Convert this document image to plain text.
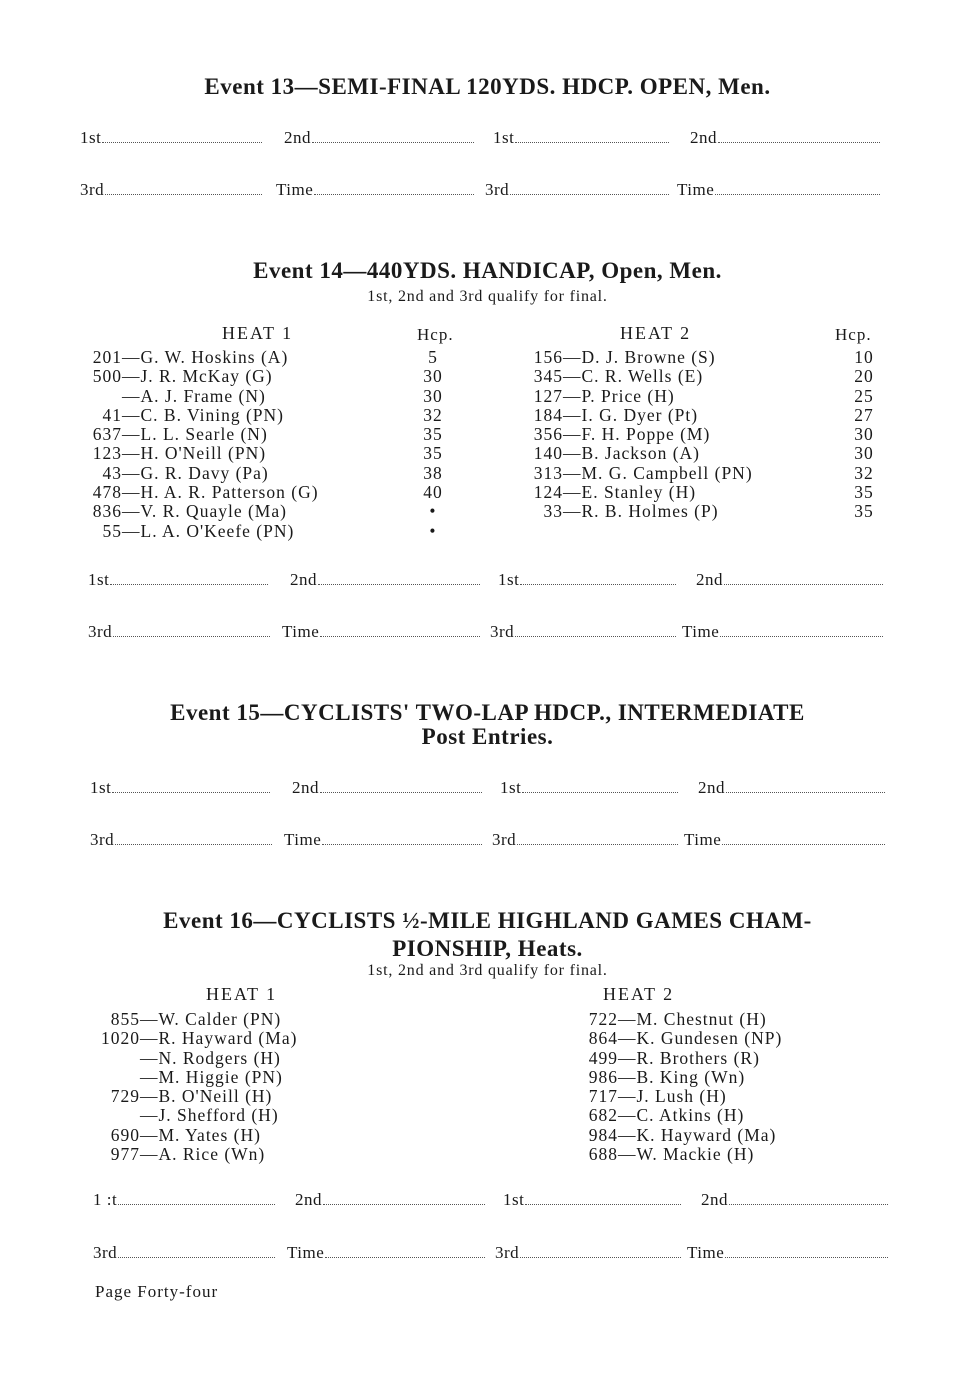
Event 13—SEMI-FINAL 120YDS. HDCP. OPEN, Men.
1st	2nd	1st	2nd
3rd	Time	3rd	Time
Event 14—440YDS. HANDICAP, Open, Men.
1st, 2nd and 3rd qualify for final.
HEAT 1	Hcp.	HEAT 2	Hcp.
201—G. W. Hoskins (A)	5
500—J. R. McKay (G)	30
—A. J. Frame (N)	30
41—C. B. Vining (PN)	32
637—L. L. Searle (N)	35
123—H. O'Neill (PN)	35
43—G. R. Davy (Pa)	38
478—H. A. R. Patterson (G)	40
836—V. R. Quayle (Ma)	•
55—L. A. O'Keefe (PN)	•
156—D. J. Browne (S)	10
345—C. R. Wells (E)	20
127—P. Price (H)	25
184—I. G. Dyer (Pt)	27
356—F. H. Poppe (M)	30
140—B. Jackson (A)	30
313—M. G. Campbell (PN)	32
124—E. Stanley (H)	35
33—R. B. Holmes (P)	35
1st	2nd	1st	2nd
3rd	Time	3rd	Time
Event 15—CYCLISTS' TWO-LAP HDCP., INTERMEDIATE
Post Entries.
1st	2nd	1st	2nd
3rd	Time	3rd	Time
Event 16—CYCLISTS ½-MILE HIGHLAND GAMES CHAM-
PIONSHIP, Heats.
1st, 2nd and 3rd qualify for final.
HEAT 1	HEAT 2
855—W. Calder (PN)
1020—R. Hayward (Ma)
—N. Rodgers (H)
—M. Higgie (PN)
729—B. O'Neill (H)
—J. Shefford (H)
690—M. Yates (H)
977—A. Rice (Wn)
722—M. Chestnut (H)
864—K. Gundesen (NP)
499—R. Brothers (R)
986—B. King (Wn)
717—J. Lush (H)
682—C. Atkins (H)
984—K. Hayward (Ma)
688—W. Mackie (H)
1 :t	2nd	1st	2nd
3rd	Time	3rd	Time
Page Forty-four
